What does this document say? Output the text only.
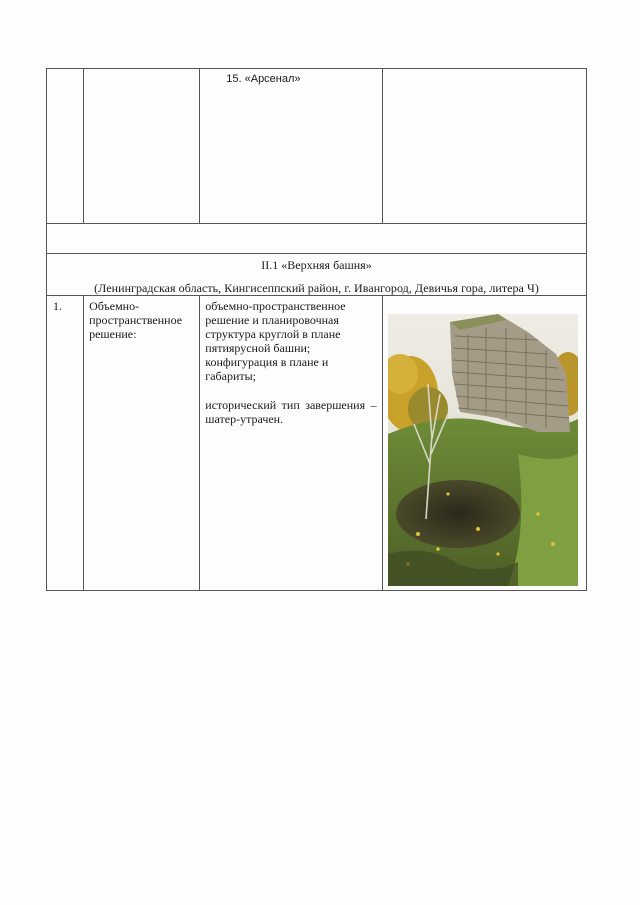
		15. «Арсенал»	

II.1 «Верхняя башня»
(Ленинградская область, Кингисеппский район, г. Ивангород, Девичья гора, литера Ч)			

1.	Объемно-пространственное решение:	объемно-пространственное решение и планировочная структура круглой в плане пятиярусной башни; конфигурация в плане и габариты;

исторический тип завершения – шатер-утрачен.
